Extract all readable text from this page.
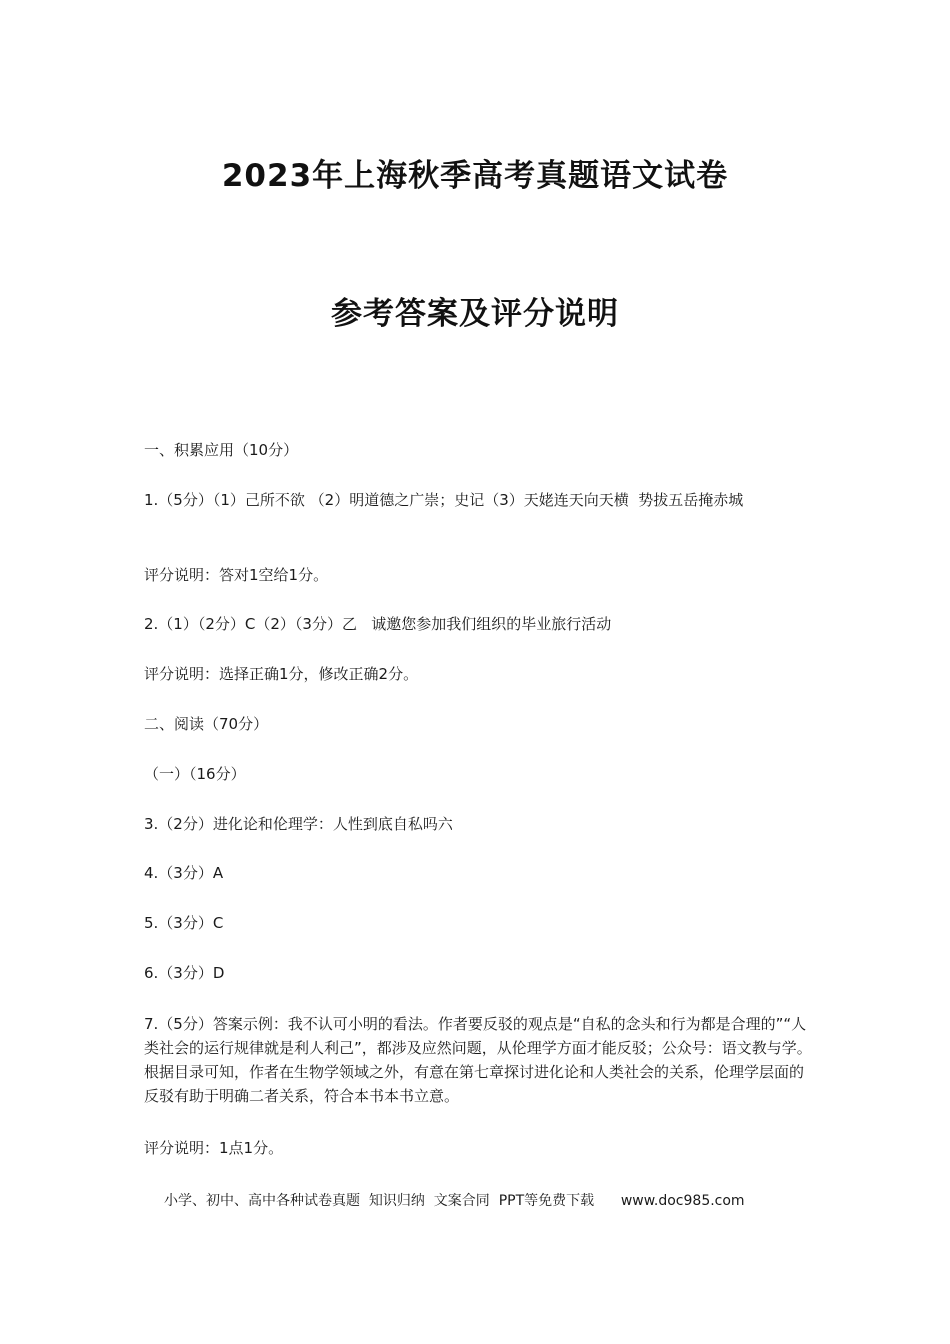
2023年上海秋季高考真题语文试卷
参考答案及评分说明

一、积累应用（10分）

1.（5分）（1）己所不欲 （2）明道德之广崇；史记（3）天姥连天向天横  势拔五岳掩赤城

评分说明：答对1空给1分。

2.（1）（2分）C（2）（3分）乙   诚邀您参加我们组织的毕业旅行活动

评分说明：选择正确1分，修改正确2分。

二、阅读（70分）

（一）（16分）

3.（2分）进化论和伦理学：人性到底自私吗六

4.（3分）A

5.（3分）C

6.（3分）D

7.（5分）答案示例：我不认可小明的看法。作者要反驳的观点是“自私的念头和行为都是合理的”“人类社会的运行规律就是利人利己”，都涉及应然问题，从伦理学方面才能反驳；公众号：语文教与学。根据目录可知，作者在生物学领域之外，有意在第七章探讨进化论和人类社会的关系，伦理学层面的反驳有助于明确二者关系，符合本书本书立意。

评分说明：1点1分。

小学、初中、高中各种试卷真题  知识归纳  文案合同  PPT等免费下载      www.doc985.com
